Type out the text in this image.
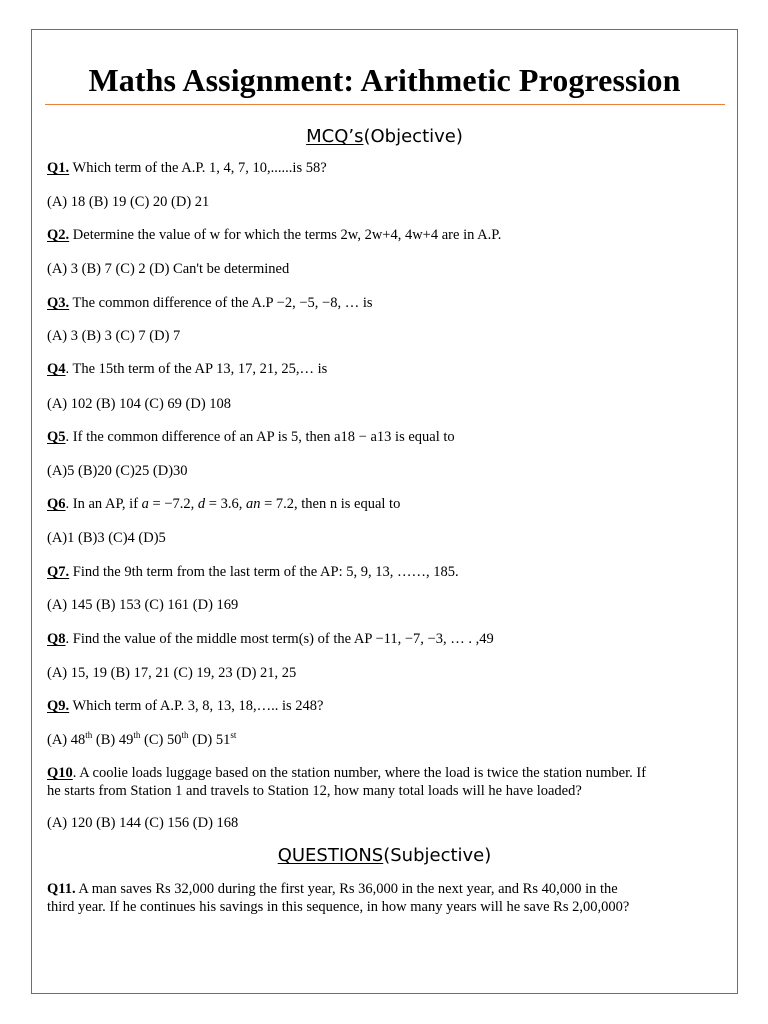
Maths Assignment: Arithmetic Progression
MCQ’s(Objective)
Q1. Which term of the A.P. 1, 4, 7, 10,......is 58?
(A) 18 (B) 19 (C) 20 (D) 21
Q2. Determine the value of w for which the terms 2w, 2w+4, 4w+4 are in A.P.
(A) 3 (B) 7 (C) 2 (D) Can't be determined
Q3. The common difference of the A.P −2, −5, −8, … is
(A) 3 (B) 3 (C) 7 (D) 7
Q4. The 15th term of the AP 13, 17, 21, 25,… is
(A) 102 (B) 104 (C) 69 (D) 108
Q5. If the common difference of an AP is 5, then a18 − a13 is equal to
(A)5 (B)20 (C)25 (D)30
Q6. In an AP, if a = −7.2, d = 3.6, an = 7.2, then n is equal to
(A)1 (B)3 (C)4 (D)5
Q7. Find the 9th term from the last term of the AP: 5, 9, 13, ……, 185.
(A) 145 (B) 153 (C) 161 (D) 169
Q8. Find the value of the middle most term(s) of the AP −11, −7, −3, … . ,49
(A) 15, 19 (B) 17, 21 (C) 19, 23 (D) 21, 25
Q9. Which term of A.P. 3, 8, 13, 18,….. is 248?
(A) 48th (B) 49th (C) 50th (D) 51st
Q10. A coolie loads luggage based on the station number, where the load is twice the station number. If
he starts from Station 1 and travels to Station 12, how many total loads will he have loaded?
(A) 120 (B) 144 (C) 156 (D) 168
QUESTIONS(Subjective)
Q11. A man saves Rs 32,000 during the first year, Rs 36,000 in the next year, and Rs 40,000 in the
third year. If he continues his savings in this sequence, in how many years will he save Rs 2,00,000?
